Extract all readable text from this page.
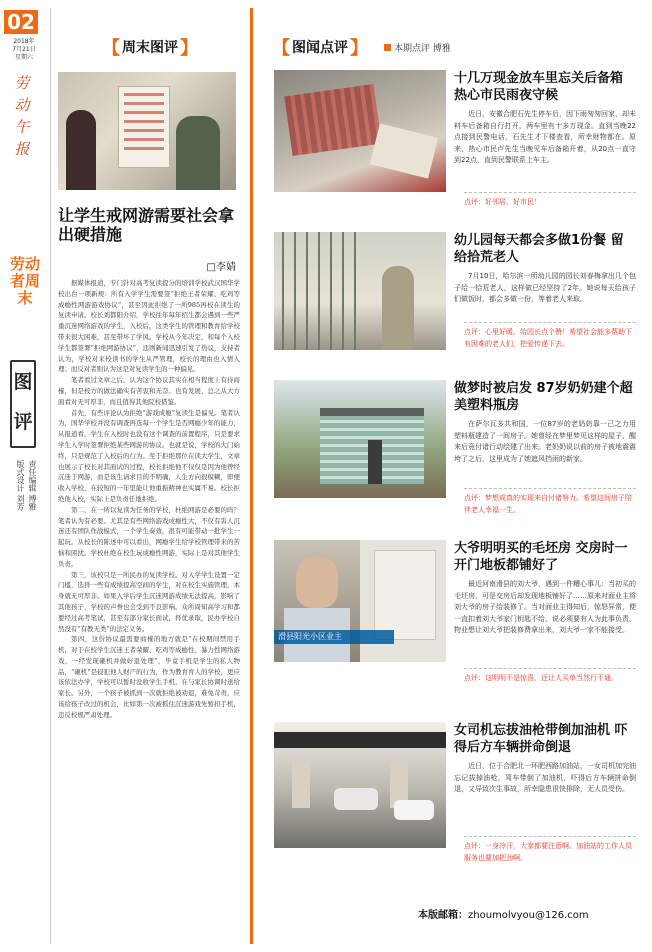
02
2018年
7月21日
星期六
劳动午报
劳动者周末
图评
版式设计 刘芳 责任编辑 博雅
【 周末图评 】
让学生戒网游需要社会拿出硬措施
□李婧

据媒体报道，专门针对高考复读提分的培训学校武汉国华学校出台一项新规：所有入学学生需要签“拒绝王者荣耀、吃鸡等成瘾性网游游戏协议”，甚至因此拒绝了一所985再校在读生的复读申请。校长刘都阳介绍，学校往年每年招生都会遇到一些严重沉迷网络游戏的学生，入校后，这类学生的管理和教育给学校带来很大困难，甚至带坏了学风。学校从今年决定，和每个入校学生都签署“拒绝网游协议”，违则新闻迅速引发了热议，支持者认为，学校对来校读书的学生从严管理，校长的理由也入情入理；而反对者则认为这是对复读学生的一种偏见。

笔者看过文章之后，认为这个协议其实在相当程度上有待商榷，但是校方的做法确实有苦衷和无奈。也有发展、总之从大方面看对无可厚非，而且值得其他院校借鉴。

首先，有些评论认为拒绝“游戏成瘾”复读生是偏见。笔者认为，国华学校并没有调查再选每一个学生是否网瘾少年的能力，从报道看，学生在入校时也没有这个调查的前置程序，只是要求学生入学时签署拒绝某些网游的协议。也就是说，学校的大门始终，只是规范了入校后的行为。至于拒绝那位在读大学生，文章也展示了校长对其面试的过程，校长拒绝他不仅仅是因为他曾经沉迷于网游，而是该生请求目的不明确，人生方向很模糊，即便收入学校，在较短的一年里能让他重振精神也实属不易。校长拒绝他入校，实际上是负责任地拒绝。

第二，在一所以复读为任务的学校，杜绝网游是必要的吗？笔者认为有必要。尤其是有些网络游戏成瘾性大，不仅有害人沉迷还有团队作战模式，一个学生奏效，很有可能带动一批学生一起玩。从校长的陈述中可以看出，网瘾学生给学校管理带来的苦恼和困扰。学校杜绝在校生玩成瘾性网游，实际上是对其他学生负责。

第三，该校只是一所民办的复读学校。对入学学生设置一定门槛，选择一些有成绩提高空间的学生，对在校生实施管理，本身就无可厚非。如果入学后学生沉迷网游成绩无法提高，影响了其他孩子，学校的声誉也会受到不良影响。众所周知高学习和都要经过高考笔试，甚至有部分家长面试，择优录取，民办学校自然没有“有教无类”的法定义务。

第四，这份协议最需要商榷的地方就是“在校期间禁用手机，对于在校学生沉迷王者荣耀、吃鸡等成瘾性、暴力性网络游戏，一经发现砸机并做好退处理”，毕竟手机是学生的私人物品，“砸机”是侵犯他人财产的行为，作为教育育人的学校，更应该依法办学，学校可以暂时没收学生手机，在与家长协调时送给家长。另外，一个孩子被抓到一次就拒绝被劝退，难免苛责，应该给孩子改过的机会，比如第一次被抓住沉迷游戏先暂扣手机，违反校规严肃处理。

【 图闻点评 】	本期点评 博雅
十几万现金放车里忘关后备箱 热心市民雨夜守候
近日，安徽合肥石先生停车后，因下雨匆匆回家，却未料车后备箱自行打开，两车里有十多万现金。直到当晚22点接到民警电话，石先生才下楼查看，所幸财物都在。原来，热心市民卢先生当晚见车后备箱开着，从20点一直守到22点，直到民警联系上车主。
点评：好邻居，好市民！
幼儿园每天都会多做1份餐 留给拾荒老人
7月10日，哈尔滨一所幼儿园的园长刘春梅拿出几个包子给一拾荒老人，这样做已经坚持了2年。她说每天给孩子们做饭时，都会多做一份，等着老人来取。
点评：心里好暖。给园长点个赞！希望社会能多帮助下有困难的老人们，把爱传递下去。
做梦时被启发 87岁奶奶建个超美塑料瓶房
在萨尔瓦多共和国，一位87岁的老奶奶靠一己之力用塑料瓶建造了一间房子。她曾经在梦里梦见这样的屋子，醒来后竟付诸行动绘建了出来。老奶奶说以前的房子被地震震垮了之后，这里成为了她遮风挡雨的新家。
点评：梦想成真的实现来自付诸努力。希望这间房子陪伴老人幸福一生。
滑县阳光小区业主
大爷明明买的毛坯房 交房时一开门地板都铺好了
最近河南滑县的刘大爷，遇到一件糟心事儿：当初买的毛坯房，可是交房后却发现地板铺好了……原来对面业主将刘大爷的房子给装修了。当对面业主得知后，惊怒异常，便一直扣着刘大爷家门钥匙不给，说必须要有人为此事负责。物业想让刘大爷把装修费拿出来，刘大爷一家不能接受。
点评：这明明不是惊喜，还让人买单当然行不通。
女司机忘拔油枪带倒加油机 吓得后方车辆拼命倒退
近日，位于合肥北一环肥西路加油站，一女司机加完油忘记拔掉油枪，驾车带倒了加油机，吓得后方车辆拼命倒退，又导致次生事故，所幸隐患很快排除，无人员受伤。
点评：一身冷汗，大家都要注意啊。加油站的工作人员服务也要加把劲啊。
本版邮箱：zhoumolvyou@126.com
